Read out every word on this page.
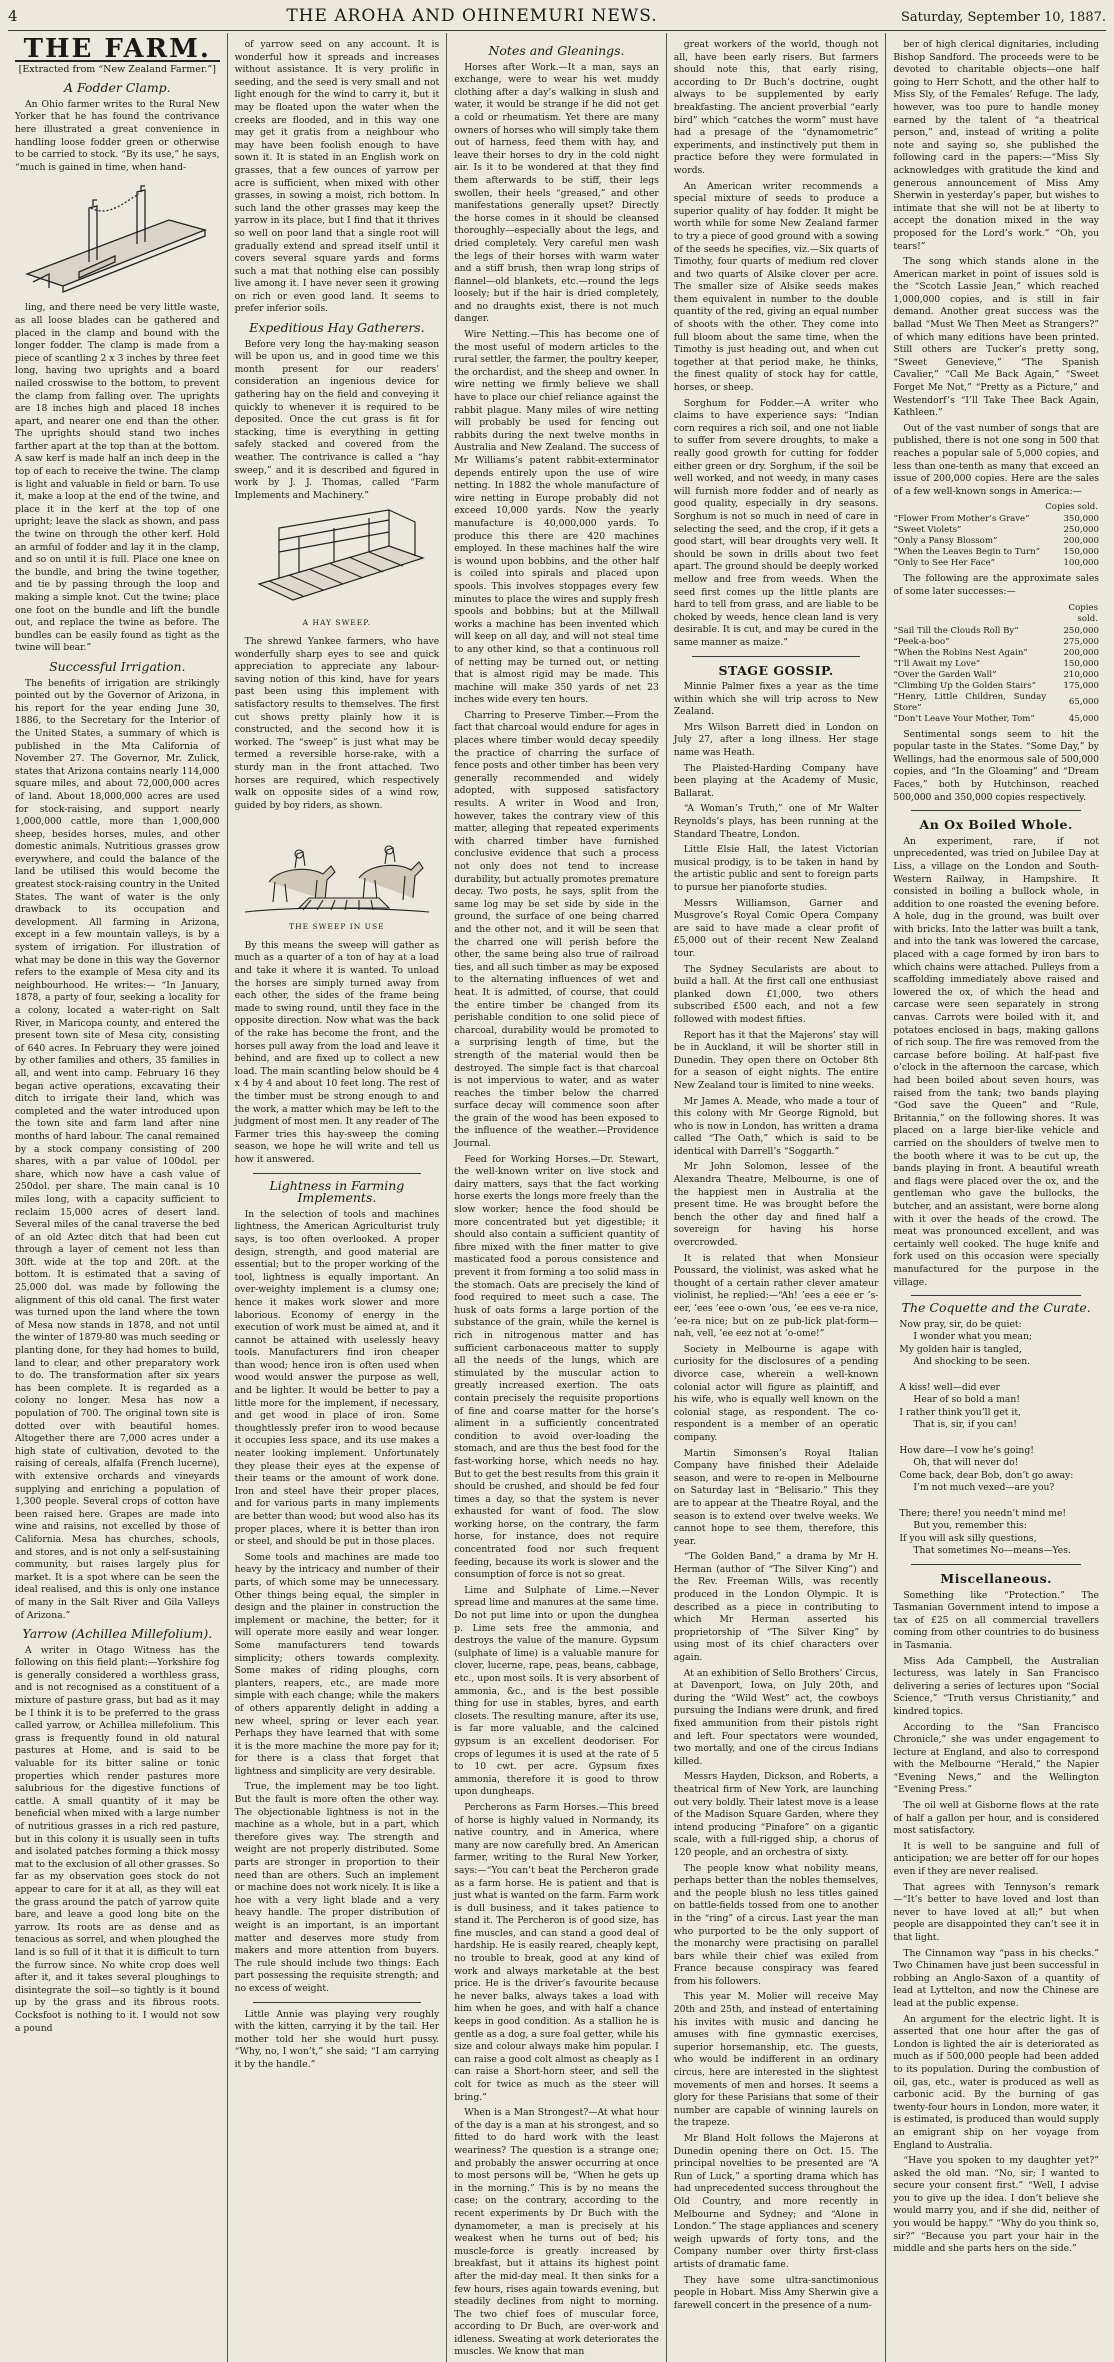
4	THE AROHA AND OHINEMURI NEWS.	Saturday, September 10, 1887.
THE FARM.
[Extracted from “New Zealand Farmer.”]
A Fodder Clamp.

An Ohio farmer writes to the Rural New Yorker that he has found the contrivance here illustrated a great convenience in handling loose fodder green or otherwise to be carried to stock. “By its use,” he says, “much is gained in time, when hand-

ling, and there need be very little waste, as all loose blades can be gathered and placed in the clamp and bound with the longer fodder. The clamp is made from a piece of scantling 2 x 3 inches by three feet long, having two uprights and a board nailed crosswise to the bottom, to prevent the clamp from falling over. The uprights are 18 inches high and placed 18 inches apart, and nearer one end than the other. The uprights should stand two inches farther apart at the top than at the bottom. A saw kerf is made half an inch deep in the top of each to receive the twine. The clamp is light and valuable in field or barn. To use it, make a loop at the end of the twine, and place it in the kerf at the top of one upright; leave the slack as shown, and pass the twine on through the other kerf. Hold an armful of fodder and lay it in the clamp, and so on until it is full. Place one knee on the bundle, and bring the twine together, and tie by passing through the loop and making a simple knot. Cut the twine; place one foot on the bundle and lift the bundle out, and replace the twine as before. The bundles can be easily found as tight as the twine will bear.”

Successful Irrigation.

The benefits of irrigation are strikingly pointed out by the Governor of Arizona, in his report for the year ending June 30, 1886, to the Secretary for the Interior of the United States, a summary of which is published in the Mta California of November 27. The Governor, Mr. Zulick, states that Arizona contains nearly 114,000 square miles, and about 72,000,000 acres of land. About 18,000,000 acres are used for stock-raising, and support nearly 1,000,000 cattle, more than 1,000,000 sheep, besides horses, mules, and other domestic animals. Nutritious grasses grow everywhere, and could the balance of the land be utilised this would become the greatest stock-raising country in the United States. The want of water is the only drawback to its occupation and development. All farming in Arizona, except in a few mountain valleys, is by a system of irrigation. For illustration of what may be done in this way the Governor refers to the example of Mesa city and its neighbourhood. He writes:— “In January, 1878, a party of four, seeking a locality for a colony, located a water-right on Salt River, in Maricopa county, and entered the present town site of Mesa city, consisting of 640 acres. In February they were joined by other families and others, 35 families in all, and went into camp. February 16 they began active operations, excavating their ditch to irrigate their land, which was completed and the water introduced upon the town site and farm land after nine months of hard labour. The canal remained by a stock company consisting of 200 shares, with a par value of 100dol. per share, which now have a cash value of 250dol. per share. The main canal is 10 miles long, with a capacity sufficient to reclaim 15,000 acres of desert land. Several miles of the canal traverse the bed of an old Aztec ditch that had been cut through a layer of cement not less than 30ft. wide at the top and 20ft. at the bottom. It is estimated that a saving of 25,000 dol. was made by following the alignment of this old canal. The first water was turned upon the land where the town of Mesa now stands in 1878, and not until the winter of 1879-80 was much seeding or planting done, for they had homes to build, land to clear, and other preparatory work to do. The transformation after six years has been complete. It is regarded as a colony no longer. Mesa has now a population of 700. The original town site is dotted over with beautiful homes. Altogether there are 7,000 acres under a high state of cultivation, devoted to the raising of cereals, alfalfa (French lucerne), with extensive orchards and vineyards supplying and enriching a population of 1,300 people. Several crops of cotton have been raised here. Grapes are made into wine and raisins, not excelled by those of California. Mesa has churches, schools, and stores, and is not only a self-sustaining community, but raises largely plus for market. It is a spot where can be seen the ideal realised, and this is only one instance of many in the Salt River and Gila Valleys of Arizona.”

Yarrow (Achillea Millefolium).

A writer in Otago Witness has the following on this field plant:—Yorkshire fog is generally considered a worthless grass, and is not recognised as a constituent of a mixture of pasture grass, but bad as it may be I think it is to be preferred to the grass called yarrow, or Achillea millefolium. This grass is frequently found in old natural pastures at Home, and is said to be valuable for its bitter saline or tonic properties which render pastures more salubrious for the digestive functions of cattle. A small quantity of it may be beneficial when mixed with a large number of nutritious grasses in a rich red pasture, but in this colony it is usually seen in tufts and isolated patches forming a thick mossy mat to the exclusion of all other grasses. So far as my observation goes stock do not appear to care for it at all, as they will eat the grass around the patch of yarrow quite bare, and leave a good long bite on the yarrow. Its roots are as dense and as tenacious as sorrel, and when ploughed the land is so full of it that it is difficult to turn the furrow since. No white crop does well after it, and it takes several ploughings to disintegrate the soil—so tightly is it bound up by the grass and its fibrous roots. Cocksfoot is nothing to it. I would not sow a pound

of yarrow seed on any account. It is wonderful how it spreads and increases without assistance. It is very prolific in seeding, and the seed is very small and not light enough for the wind to carry it, but it may be floated upon the water when the creeks are flooded, and in this way one may get it gratis from a neighbour who may have been foolish enough to have sown it. It is stated in an English work on grasses, that a few ounces of yarrow per acre is sufficient, when mixed with other grasses, in sowing a moist, rich bottom. In such land the other grasses may keep the yarrow in its place, but I find that it thrives so well on poor land that a single root will gradually extend and spread itself until it covers several square yards and forms such a mat that nothing else can possibly live among it. I have never seen it growing on rich or even good land. It seems to prefer inferior soils.

Expeditious Hay Gatherers.

Before very long the hay-making season will be upon us, and in good time we this month present for our readers’ consideration an ingenious device for gathering hay on the field and conveying it quickly to whenever it is required to be deposited. Once the cut grass is fit for stacking, time is everything in getting safely stacked and covered from the weather. The contrivance is called a “hay sweep,” and it is described and figured in work by J. J. Thomas, called “Farm Implements and Machinery.”

A HAY SWEEP.

The shrewd Yankee farmers, who have wonderfully sharp eyes to see and quick appreciation to appreciate any labour-saving notion of this kind, have for years past been using this implement with satisfactory results to themselves. The first cut shows pretty plainly how it is constructed, and the second how it is worked. The “sweep” is just what may be termed a reversible horse-rake, with a sturdy man in the front attached. Two horses are required, which respectively walk on opposite sides of a wind row, guided by boy riders, as shown.

THE SWEEP IN USE

By this means the sweep will gather as much as a quarter of a ton of hay at a load and take it where it is wanted. To unload the horses are simply turned away from each other, the sides of the frame being made to swing round, until they face in the opposite direction. Now what was the back of the rake has become the front, and the horses pull away from the load and leave it behind, and are fixed up to collect a new load. The main scantling below should be 4 x 4 by 4 and about 10 feet long. The rest of the timber must be strong enough to and the work, a matter which may be left to the judgment of most men. It any reader of The Farmer tries this hay-sweep the coming season, we hope he will write and tell us how it answered.

Lightness in Farming Implements.

In the selection of tools and machines lightness, the American Agriculturist truly says, is too often overlooked. A proper design, strength, and good material are essential; but to the proper working of the tool, lightness is equally important. An over-weighty implement is a clumsy one; hence it makes work slower and more laborious. Economy of energy in the execution of work must be aimed at, and it cannot be attained with uselessly heavy tools. Manufacturers find iron cheaper than wood; hence iron is often used when wood would answer the purpose as well, and be lighter. It would be better to pay a little more for the implement, if necessary, and get wood in place of iron. Some thoughtlessly prefer iron to wood because it occupies less space, and its use makes a neater looking implement. Unfortunately they please their eyes at the expense of their teams or the amount of work done. Iron and steel have their proper places, and for various parts in many implements are better than wood; but wood also has its proper places, where it is better than iron or steel, and should be put in those places.

Some tools and machines are made too heavy by the intricacy and number of their parts, of which some may be unnecessary. Other things being equal, the simpler in design and the plainer in construction the implement or machine, the better; for it will operate more easily and wear longer. Some manufacturers tend towards simplicity; others towards complexity. Some makes of riding ploughs, corn planters, reapers, etc., are made more simple with each change; while the makers of others apparently delight in adding a new wheel, spring or lever each year. Perhaps they have learned that with some it is the more machine the more pay for it; for there is a class that forget that lightness and simplicity are very desirable.

True, the implement may be too light. But the fault is more often the other way. The objectionable lightness is not in the machine as a whole, but in a part, which therefore gives way. The strength and weight are not properly distributed. Some parts are stronger in proportion to their need than are others. Such an implement or machine does not work nicely. It is like a hoe with a very light blade and a very heavy handle. The proper distribution of weight is an important, is an important matter and deserves more study from makers and more attention from buyers. The rule should include two things: Each part possessing the requisite strength; and no excess of weight.

Little Annie was playing very roughly with the kitten, carrying it by the tail. Her mother told her she would hurt pussy. “Why, no, I won’t,” she said; “I am carrying it by the handle.”

Notes and Gleanings.

Horses after Work.—It a man, says an exchange, were to wear his wet muddy clothing after a day’s walking in slush and water, it would be strange if he did not get a cold or rheumatism. Yet there are many owners of horses who will simply take them out of harness, feed them with hay, and leave their horses to dry in the cold night air. Is it to be wondered at that they find them afterwards to be stiff, their legs swollen, their heels “greased,” and other manifestations generally upset? Directly the horse comes in it should be cleansed thoroughly—especially about the legs, and dried completely. Very careful men wash the legs of their horses with warm water and a stiff brush, then wrap long strips of flannel—old blankets, etc.—round the legs loosely; but if the hair is dried completely, and no draughts exist, there is not much danger.

Wire Netting.—This has become one of the most useful of modern articles to the rural settler, the farmer, the poultry keeper, the orchardist, and the sheep and owner. In wire netting we firmly believe we shall have to place our chief reliance against the rabbit plague. Many miles of wire netting will probably be used for fencing out rabbits during the next twelve months in Australia and New Zealand. The success of Mr Williams’s patent rabbit-exterminator depends entirely upon the use of wire netting. In 1882 the whole manufacture of wire netting in Europe probably did not exceed 10,000 yards. Now the yearly manufacture is 40,000,000 yards. To produce this there are 420 machines employed. In these machines half the wire is wound upon bobbins, and the other half is coiled into spirals and placed upon spools. This involves stoppages every few minutes to place the wires and supply fresh spools and bobbins; but at the Millwall works a machine has been invented which will keep on all day, and will not steal time to any other kind, so that a continuous roll of netting may be turned out, or netting that is almost rigid may be made. This machine will make 350 yards of net 23 inches wide every ten hours.

Charring to Preserve Timber.—From the fact that charcoal would endure for ages in places where timber would decay speedily the practice of charring the surface of fence posts and other timber has been very generally recommended and widely adopted, with supposed satisfactory results. A writer in Wood and Iron, however, takes the contrary view of this matter, alleging that repeated experiments with charred timber have furnished conclusive evidence that such a process not only does not tend to increase durability, but actually promotes premature decay. Two posts, he says, split from the same log may be set side by side in the ground, the surface of one being charred and the other not, and it will be seen that the charred one will perish before the other, the same being also true of railroad ties, and all such timber as may be exposed to the alternating influences of wet and heat. It is admitted, of course, that could the entire timber be changed from its perishable condition to one solid piece of charcoal, durability would be promoted to a surprising length of time, but the strength of the material would then be destroyed. The simple fact is that charcoal is not impervious to water, and as water reaches the timber below the charred surface decay will commence soon after the grain of the wood has been exposed to the influence of the weather.—Providence Journal.

Feed for Working Horses.—Dr. Stewart, the well-known writer on live stock and dairy matters, says that the fact working horse exerts the longs more freely than the slow worker; hence the food should be more concentrated but yet digestible; it should also contain a sufficient quantity of fibre mixed with the finer matter to give masticated food a porous consistence and prevent it from forming a too solid mass in the stomach. Oats are precisely the kind of food required to meet such a case. The husk of oats forms a large portion of the substance of the grain, while the kernel is rich in nitrogenous matter and has sufficient carbonaceous matter to supply all the needs of the lungs, which are stimulated by the muscular action to greatly increased exertion. The oats contain precisely the requisite proportions of fine and coarse matter for the horse’s aliment in a sufficiently concentrated condition to avoid over-loading the stomach, and are thus the best food for the fast-working horse, which needs no hay. But to get the best results from this grain it should be crushed, and should be fed four times a day, so that the system is never exhausted for want of food. The slow working horse, on the contrary, the farm horse, for instance, does not require concentrated food nor such frequent feeding, because its work is slower and the consumption of force is not so great.

Lime and Sulphate of Lime.—Never spread lime and manures at the same time. Do not put lime into or upon the dunghea p. Lime sets free the ammonia, and destroys the value of the manure. Gypsum (sulphate of lime) is a valuable manure for clover, lucerne, rape, peas, beans, cabbage, etc., upon most soils. It is very absorbent of ammonia, &c., and is the best possible thing for use in stables, byres, and earth closets. The resulting manure, after its use, is far more valuable, and the calcined gypsum is an excellent deodoriser. For crops of legumes it is used at the rate of 5 to 10 cwt. per acre. Gypsum fixes ammonia, therefore it is good to throw upon dungheaps.

Percherons as Farm Horses.—This breed of horse is highly valued in Normandy, its native country, and in America, where many are now carefully bred. An American farmer, writing to the Rural New Yorker, says:—“You can’t beat the Percheron grade as a farm horse. He is patient and that is just what is wanted on the farm. Farm work is dull business, and it takes patience to stand it. The Percheron is of good size, has fine muscles, and can stand a good deal of hardship. He is easily reared, cheaply kept, no trouble to break, good at any kind of work and always marketable at the best price. He is the driver’s favourite because he never balks, always takes a load with him when he goes, and with half a chance keeps in good condition. As a stallion he is gentle as a dog, a sure foal getter, while his size and colour always make him popular. I can raise a good colt almost as cheaply as I can raise a Short-horn steer, and sell the colt for twice as much as the steer will bring.”

When is a Man Strongest?—At what hour of the day is a man at his strongest, and so fitted to do hard work with the least weariness? The question is a strange one; and probably the answer occurring at once to most persons will be, “When he gets up in the morning.” This is by no means the case; on the contrary, according to the recent experiments by Dr Buch with the dynamometer, a man is precisely at his weakest when he turns out of bed; his muscle-force is greatly increased by breakfast, but it attains its highest point after the mid-day meal. It then sinks for a few hours, rises again towards evening, but steadily declines from night to morning. The two chief foes of muscular force, according to Dr Buch, are over-work and idleness. Sweating at work deteriorates the muscles. We know that man

great workers of the world, though not all, have been early risers. But farmers should note this, that early rising, according to Dr Buch’s doctrine, ought always to be supplemented by early breakfasting. The ancient proverbial “early bird” which “catches the worm” must have had a presage of the “dynamometric” experiments, and instinctively put them in practice before they were formulated in words.

An American writer recommends a special mixture of seeds to produce a superior quality of hay fodder. It might be worth while for some New Zealand farmer to try a piece of good ground with a sowing of the seeds he specifies, viz.—Six quarts of Timothy, four quarts of medium red clover and two quarts of Alsike clover per acre. The smaller size of Alsike seeds makes them equivalent in number to the double quantity of the red, giving an equal number of shoots with the other. They come into full bloom about the same time, when the Timothy is just heading out, and when cut together at that period make, he thinks, the finest quality of stock hay for cattle, horses, or sheep.

Sorghum for Fodder.—A writer who claims to have experience says: “Indian corn requires a rich soil, and one not liable to suffer from severe droughts, to make a really good growth for cutting for fodder either green or dry. Sorghum, if the soil be well worked, and not weedy, in many cases will furnish more fodder and of nearly as good quality, especially in dry seasons. Sorghum is not so much in need of care in selecting the seed, and the crop, if it gets a good start, will bear droughts very well. It should be sown in drills about two feet apart. The ground should be deeply worked mellow and free from weeds. When the seed first comes up the little plants are hard to tell from grass, and are liable to be choked by weeds, hence clean land is very desirable. It is cut, and may be cured in the same manner as maize.”

STAGE GOSSIP.

Minnie Palmer fixes a year as the time within which she will trip across to New Zealand.

Mrs Wilson Barrett died in London on July 27, after a long illness. Her stage name was Heath.

The Plaisted-Harding Company have been playing at the Academy of Music, Ballarat.

“A Woman’s Truth,” one of Mr Walter Reynolds’s plays, has been running at the Standard Theatre, London.

Little Elsie Hall, the latest Victorian musical prodigy, is to be taken in hand by the artistic public and sent to foreign parts to pursue her pianoforte studies.

Messrs Williamson, Garner and Musgrove’s Royal Comic Opera Company are said to have made a clear profit of £5,000 out of their recent New Zealand tour.

The Sydney Secularists are about to build a hall. At the first call one enthusiast planked down £1,000, two others subscribed £500 each, and not a few followed with modest fifties.

Report has it that the Majerons’ stay will be in Auckland, it will be shorter still in Dunedin. They open there on October 8th for a season of eight nights. The entire New Zealand tour is limited to nine weeks.

Mr James A. Meade, who made a tour of this colony with Mr George Rignold, but who is now in London, has written a drama called “The Oath,” which is said to be identical with Darrell’s “Soggarth.”

Mr John Solomon, lessee of the Alexandra Theatre, Melbourne, is one of the happiest men in Australia at the present time. He was brought before the bench the other day and fined half a sovereign for having his horse overcrowded.

It is related that when Monsieur Poussard, the violinist, was asked what he thought of a certain rather clever amateur violinist, he replied:—“Ah! ’ees a eee er ’s-eer, ’ees ’eee o-own ’ous, ’ee ees ve-ra nice, ’ee-ra nice; but on ze pub-lick plat-form—nah, vell, ’ee eez not at ’o-ome!”

Society in Melbourne is agape with curiosity for the disclosures of a pending divorce case, wherein a well-known colonial actor will figure as plaintiff, and his wife, who is equally well known on the colonial stage, as respondent. The co-respondent is a member of an operatic company.

Martin Simonsen’s Royal Italian Company have finished their Adelaide season, and were to re-open in Melbourne on Saturday last in “Belisario.” This they are to appear at the Theatre Royal, and the season is to extend over twelve weeks. We cannot hope to see them, therefore, this year.

“The Golden Band,” a drama by Mr H. Herman (author of “The Silver King”) and the Rev. Freeman Wills, was recently produced in the London Olympic. It is described as a piece in contributing to which Mr Herman asserted his proprietorship of “The Silver King” by using most of its chief characters over again.

At an exhibition of Sello Brothers’ Circus, at Davenport, Iowa, on July 20th, and during the “Wild West” act, the cowboys pursuing the Indians were drunk, and fired fixed ammunition from their pistols right and left. Four spectators were wounded, two mortally, and one of the circus Indians killed.

Messrs Hayden, Dickson, and Roberts, a theatrical firm of New York, are launching out very boldly. Their latest move is a lease of the Madison Square Garden, where they intend producing “Pinafore” on a gigantic scale, with a full-rigged ship, a chorus of 120 people, and an orchestra of sixty.

The people know what nobility means, perhaps better than the nobles themselves, and the people blush no less titles gained on battle-fields tossed from one to another in the “ring” of a circus. Last year the man who purported to be the only support of the monarchy were practising on parallel bars while their chief was exiled from France because conspiracy was feared from his followers.

This year M. Molier will receive May 20th and 25th, and instead of entertaining his invites with music and dancing he amuses with fine gymnastic exercises, superior horsemanship, etc. The guests, who would be indifferent in an ordinary circus, here are interested in the slightest movements of men and horses. It seems a glory for these Parisians that some of their number are capable of winning laurels on the trapeze.

Mr Bland Holt follows the Majerons at Dunedin opening there on Oct. 15. The principal novelties to be presented are “A Run of Luck,” a sporting drama which has had unprecedented success throughout the Old Country, and more recently in Melbourne and Sydney; and “Alone in London.” The stage appliances and scenery weigh upwards of forty tons, and the Company number over thirty first-class artists of dramatic fame.

They have some ultra-sanctimonious people in Hobart. Miss Amy Sherwin give a farewell concert in the presence of a num-

ber of high clerical dignitaries, including Bishop Sandford. The proceeds were to be devoted to charitable objects—one half going to Herr Schott, and the other half to Miss Sly, of the Females’ Refuge. The lady, however, was too pure to handle money earned by the talent of “a theatrical person,” and, instead of writing a polite note and saying so, she published the following card in the papers:—“Miss Sly acknowledges with gratitude the kind and generous announcement of Miss Amy Sherwin in yesterday’s paper, but wishes to intimate that she will not be at liberty to accept the donation mixed in the way proposed for the Lord’s work.” “Oh, you tears!”

The song which stands alone in the American market in point of issues sold is the “Scotch Lassie Jean,” which reached 1,000,000 copies, and is still in fair demand. Another great success was the ballad “Must We Then Meet as Strangers?” of which many editions have been printed. Still others are Tucker’s pretty song, “Sweet Genevieve,” “The Spanish Cavalier,” “Call Me Back Again,” “Sweet Forget Me Not,” “Pretty as a Picture,” and Westendorf’s “I’ll Take Thee Back Again, Kathleen.”

Out of the vast number of songs that are published, there is not one song in 500 that reaches a popular sale of 5,000 copies, and less than one-tenth as many that exceed an issue of 200,000 copies. Here are the sales of a few well-known songs in America:—

	Copies sold.
“Flower From Mother’s Grave”	350,000
“Sweet Violets”	250,000
“Only a Pansy Blossom”	200,000
“When the Leaves Begin to Turn”	150,000
“Only to See Her Face”	100,000

The following are the approximate sales of some later successes:—

	Copies sold.
“Sail Till the Clouds Roll By”	250,000
“Peek-a-boo”	275,000
“When the Robins Nest Again”	200,000
“I’ll Await my Love”	150,000
“Over the Garden Wall”	210,000
“Climbing Up the Golden Stairs”	175,000
“Henry, Little Children, Sunday Store”	65,000
“Don’t Leave Your Mother, Tom”	45,000

Sentimental songs seem to hit the popular taste in the States. “Some Day,” by Wellings, had the enormous sale of 500,000 copies, and “In the Gloaming” and “Dream Faces,” both by Hutchinson, reached 500,000 and 350,000 copies respectively.

An Ox Boiled Whole.

An experiment, rare, if not unprecedented, was tried on Jubilee Day at Liss, a village on the London and South-Western Railway, in Hampshire. It consisted in boiling a bullock whole, in addition to one roasted the evening before. A hole, dug in the ground, was built over with bricks. Into the latter was built a tank, and into the tank was lowered the carcase, placed with a cage formed by iron bars to which chains were attached. Pulleys from a scaffolding immediately above raised and lowered the ox, of which the head and carcase were seen separately in strong canvas. Carrots were boiled with it, and potatoes enclosed in bags, making gallons of rich soup. The fire was removed from the carcase before boiling. At half-past five o’clock in the afternoon the carcase, which had been boiled about seven hours, was raised from the tank; two bands playing “God save the Queen” and “Rule, Britannia,” on the following shores. It was placed on a large bier-like vehicle and carried on the shoulders of twelve men to the booth where it was to be cut up, the bands playing in front. A beautiful wreath and flags were placed over the ox, and the gentleman who gave the bullocks, the butcher, and an assistant, were borne along with it over the heads of the crowd. The meat was pronounced excellent, and was certainly well cooked. The huge knife and fork used on this occasion were specially manufactured for the purpose in the village.

The Coquette and the Curate.
Now pray, sir, do be quiet:
I wonder what you mean;
My golden hair is tangled,
And shocking to be seen.

A kiss! well—did ever
Hear of so bold a man!
I rather think you’ll get it,
That is, sir, if you can!

How dare—I vow he’s going!
Oh, that will never do!
Come back, dear Bob, don’t go away:
I’m not much vexed—are you?

There; there! you needn’t mind me!
But you, remember this:
If you will ask silly questions,
That sometimes No—means—Yes.
Miscellaneous.

Something like “Protection.” The Tasmanian Government intend to impose a tax of £25 on all commercial travellers coming from other countries to do business in Tasmania.

Miss Ada Campbell, the Australian lecturess, was lately in San Francisco delivering a series of lectures upon “Social Science,” “Truth versus Christianity,” and kindred topics.

According to the “San Francisco Chronicle,” she was under engagement to lecture at England, and also to correspond with the Melbourne “Herald,” the Napier “Evening News,” and the Wellington “Evening Press.”

The oil well at Gisborne flows at the rate of half a gallon per hour, and is considered most satisfactory.

It is well to be sanguine and full of anticipation; we are better off for our hopes even if they are never realised.

That agrees with Tennyson’s remark—“It’s better to have loved and lost than never to have loved at all;” but when people are disappointed they can’t see it in that light.

The Cinnamon way “pass in his checks.” Two Chinamen have just been successful in robbing an Anglo-Saxon of a quantity of lead at Lyttelton, and now the Chinese are lead at the public expense.

An argument for the electric light. It is asserted that one hour after the gas of London is lighted the air is deteriorated as much as if 500,000 people had been added to its population. During the combustion of oil, gas, etc., water is produced as well as carbonic acid. By the burning of gas twenty-four hours in London, more water, it is estimated, is produced than would supply an emigrant ship on her voyage from England to Australia.

“Have you spoken to my daughter yet?” asked the old man. “No, sir; I wanted to secure your consent first.” “Well, I advise you to give up the idea. I don’t believe she would marry you, and if she did, neither of you would be happy.” “Why do you think so, sir?” “Because you part your hair in the middle and she parts hers on the side.”
